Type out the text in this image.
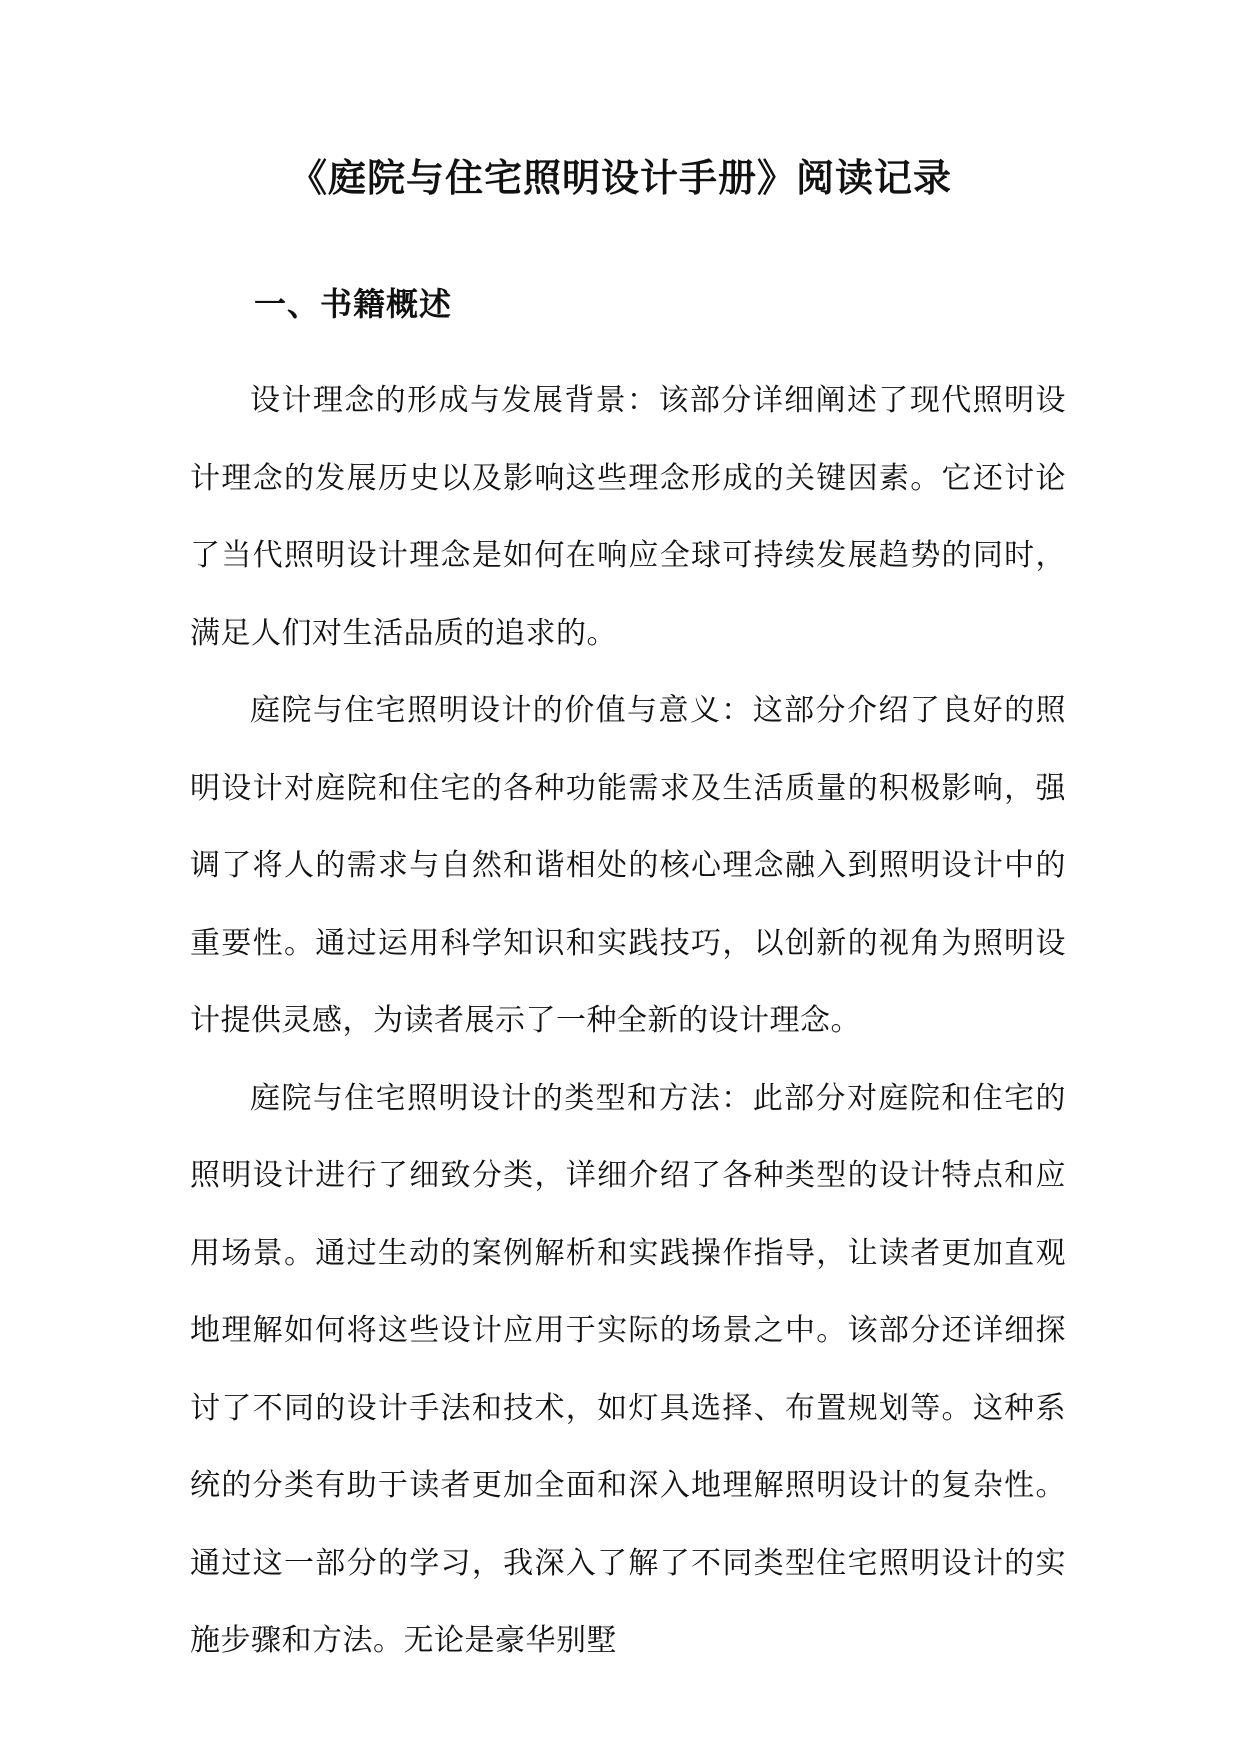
《庭院与住宅照明设计手册》阅读记录
一、书籍概述

设计理念的形成与发展背景：该部分详细阐述了现代照明设计理念的发展历史以及影响这些理念形成的关键因素。它还讨论了当代照明设计理念是如何在响应全球可持续发展趋势的同时，满足人们对生活品质的追求的。

庭院与住宅照明设计的价值与意义：这部分介绍了良好的照明设计对庭院和住宅的各种功能需求及生活质量的积极影响，强调了将人的需求与自然和谐相处的核心理念融入到照明设计中的重要性。通过运用科学知识和实践技巧，以创新的视角为照明设计提供灵感，为读者展示了一种全新的设计理念。

庭院与住宅照明设计的类型和方法：此部分对庭院和住宅的照明设计进行了细致分类，详细介绍了各种类型的设计特点和应用场景。通过生动的案例解析和实践操作指导，让读者更加直观地理解如何将这些设计应用于实际的场景之中。该部分还详细探讨了不同的设计手法和技术，如灯具选择、布置规划等。这种系统的分类有助于读者更加全面和深入地理解照明设计的复杂性。通过这一部分的学习，我深入了解了不同类型住宅照明设计的实施步骤和方法。无论是豪华别墅
